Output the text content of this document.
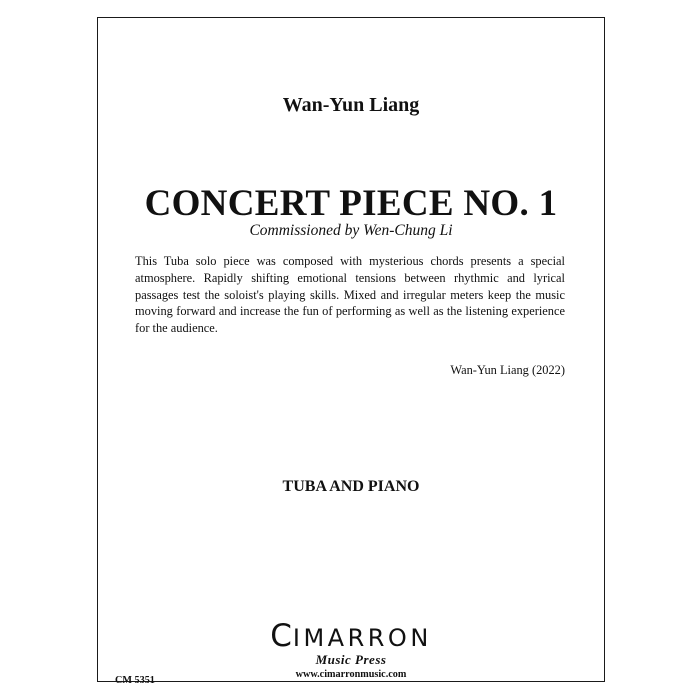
Wan-Yun Liang
CONCERT PIECE NO. 1
Commissioned by Wen-Chung Li
This Tuba solo piece was composed with mysterious chords presents a special atmosphere. Rapidly shifting emotional tensions between rhythmic and lyrical passages test the soloist's playing skills. Mixed and irregular meters keep the music moving forward and increase the fun of performing as well as the listening experience for the audience.
Wan-Yun Liang (2022)
TUBA AND PIANO
CIMARRON
Music Press
www.cimarronmusic.com
CM 5351
